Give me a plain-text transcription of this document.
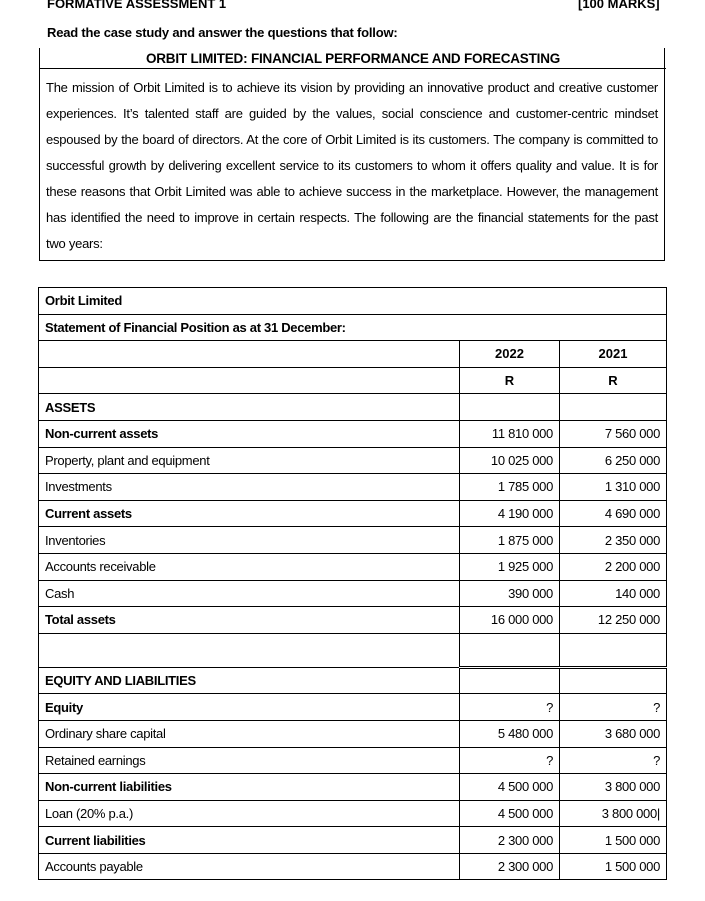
FORMATIVE ASSESSMENT 1	[100 MARKS]
Read the case study and answer the questions that follow:
ORBIT LIMITED: FINANCIAL PERFORMANCE AND FORECASTING
The mission of Orbit Limited is to achieve its vision by providing an innovative product and creative customer experiences. It’s talented staff are guided by the values, social conscience and customer-centric mindset espoused by the board of directors. At the core of Orbit Limited is its customers. The company is committed to successful growth by delivering excellent service to its customers to whom it offers quality and value. It is for these reasons that Orbit Limited was able to achieve success in the marketplace. However, the management has identified the need to improve in certain respects. The following are the financial statements for the past two years:
Orbit Limited		
Statement of Financial Position as at 31 December:		
	2022	2021
	R	R
ASSETS		
Non-current assets	11 810 000	7 560 000
Property, plant and equipment	10 025 000	6 250 000
Investments	1 785 000	1 310 000
Current assets	4 190 000	4 690 000
Inventories	1 875 000	2 350 000
Accounts receivable	1 925 000	2 200 000
Cash	390 000	140 000
Total assets	16 000 000	12 250 000

EQUITY AND LIABILITIES		
Equity	?	?
Ordinary share capital	5 480 000	3 680 000
Retained earnings	?	?
Non-current liabilities	4 500 000	3 800 000
Loan (20% p.a.)	4 500 000	3 800 000|
Current liabilities	2 300 000	1 500 000
Accounts payable	2 300 000	1 500 000
